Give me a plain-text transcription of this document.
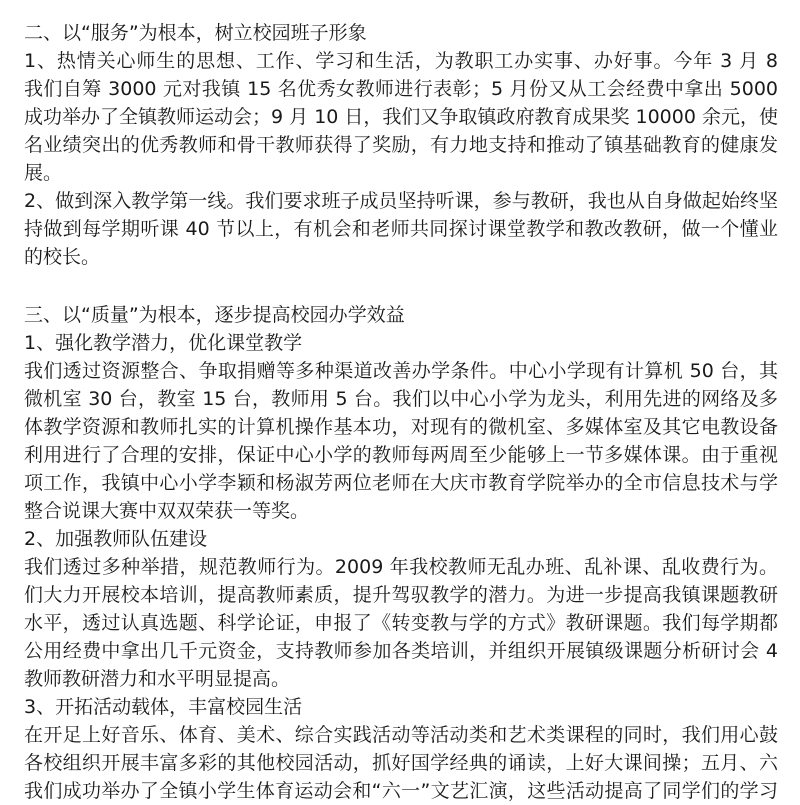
二、以“服务”为根本，树立校园班子形象
1、热情关心师生的思想、工作、学习和生活，为教职工办实事、办好事。今年 3 月 8
我们自筹 3000 元对我镇 15 名优秀女教师进行表彰；5 月份又从工会经费中拿出 5000
成功举办了全镇教师运动会；9 月 10 日，我们又争取镇政府教育成果奖 10000 余元，使
名业绩突出的优秀教师和骨干教师获得了奖励，有力地支持和推动了镇基础教育的健康发
展。
2、做到深入教学第一线。我们要求班子成员坚持听课，参与教研，我也从自身做起始终坚
持做到每学期听课 40 节以上，有机会和老师共同探讨课堂教学和教改教研，做一个懂业
的校长。
三、以“质量”为根本，逐步提高校园办学效益
1、强化教学潜力，优化课堂教学
我们透过资源整合、争取捐赠等多种渠道改善办学条件。中心小学现有计算机 50 台，其
微机室 30 台，教室 15 台，教师用 5 台。我们以中心小学为龙头，利用先进的网络及多
体教学资源和教师扎实的计算机操作基本功，对现有的微机室、多媒体室及其它电教设备
利用进行了合理的安排，保证中心小学的教师每两周至少能够上一节多媒体课。由于重视
项工作，我镇中心小学李颖和杨淑芳两位老师在大庆市教育学院举办的全市信息技术与学
整合说课大赛中双双荣获一等奖。
2、加强教师队伍建设
我们透过多种举措，规范教师行为。2009 年我校教师无乱办班、乱补课、乱收费行为。
们大力开展校本培训，提高教师素质，提升驾驭教学的潜力。为进一步提高我镇课题教研
水平，透过认真选题、科学论证，申报了《转变教与学的方式》教研课题。我们每学期都
公用经费中拿出几千元资金，支持教师参加各类培训，并组织开展镇级课题分析研讨会 4
教师教研潜力和水平明显提高。
3、开拓活动载体，丰富校园生活
在开足上好音乐、体育、美术、综合实践活动等活动类和艺术类课程的同时，我们用心鼓
各校组织开展丰富多彩的其他校园活动，抓好国学经典的诵读，上好大课间操；五月、六
我们成功举办了全镇小学生体育运动会和“六一”文艺汇演，这些活动提高了同学们的学习
